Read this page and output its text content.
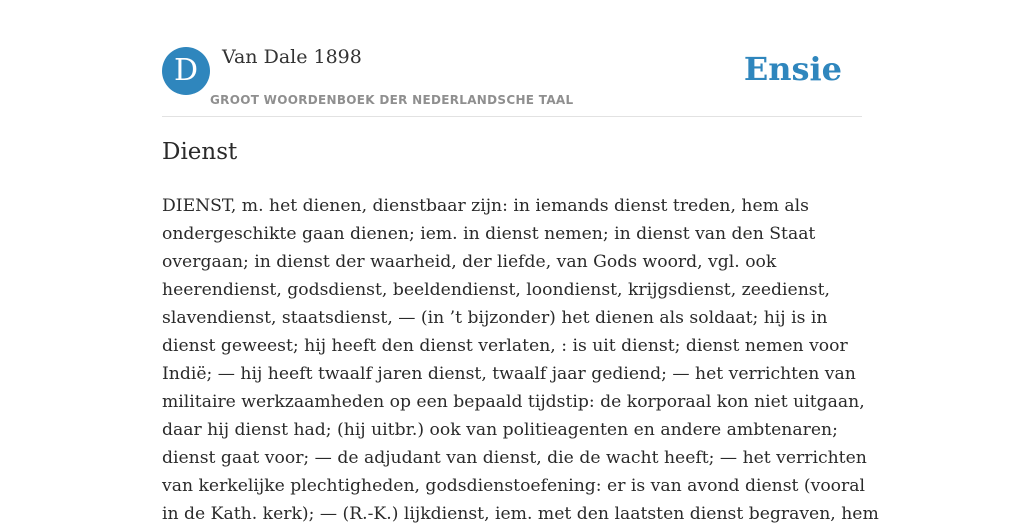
D	Van Dale 1898
GROOT WOORDENBOEK DER NEDERLANDSCHE TAAL
Ensie
Dienst
DIENST, m. het dienen, dienstbaar zijn: in iemands dienst treden, hem als
ondergeschikte gaan dienen; iem. in dienst nemen; in dienst van den Staat
overgaan; in dienst der waarheid, der liefde, van Gods woord, vgl. ook
heerendienst, godsdienst, beeldendienst, loondienst, krijgsdienst, zeedienst,
slavendienst, staatsdienst, — (in ’t bijzonder) het dienen als soldaat; hij is in
dienst geweest; hij heeft den dienst verlaten, : is uit dienst; dienst nemen voor
Indië; — hij heeft twaalf jaren dienst, twaalf jaar gediend; — het verrichten van
militaire werkzaamheden op een bepaald tijdstip: de korporaal kon niet uitgaan,
daar hij dienst had; (hij uitbr.) ook van politieagenten en andere ambtenaren;
dienst gaat voor; — de adjudant van dienst, die de wacht heeft; — het verrichten
van kerkelijke plechtigheden, godsdienstoefening: er is van avond dienst (vooral
in de Kath. kerk); — (R.-K.) lijkdienst, iem. met den laatsten dienst begraven, hem
